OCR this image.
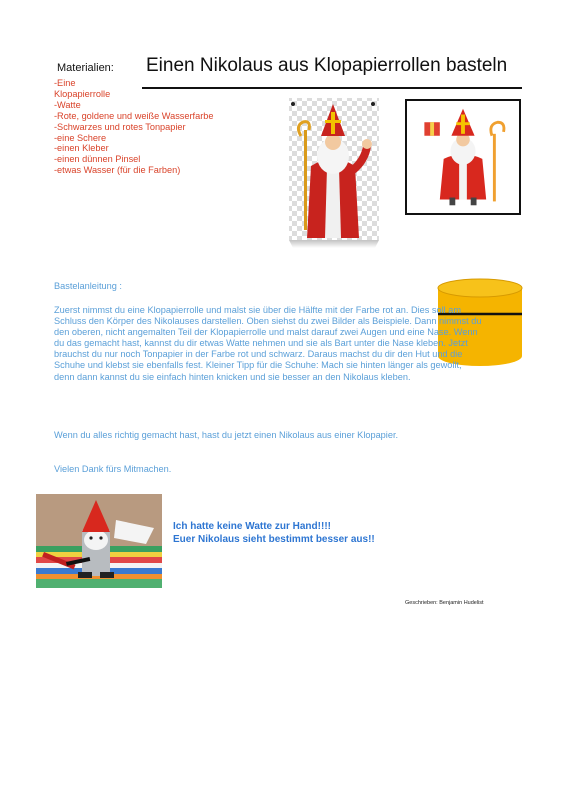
Materialien: Einen Nikolaus aus Klopapierrollen basteln
-Eine
Klopapierrolle
-Watte
-Rote, goldene und weiße Wasserfarbe
-Schwarzes und rotes Tonpapier
-eine Schere
-einen Kleber
-einen dünnen Pinsel
-etwas Wasser (für die Farben)
Bastelanleitung :

Zuerst nimmst du eine Klopapierrolle und malst sie über die Hälfte mit der Farbe rot an. Dies soll am Schluss den Körper des Nikolauses darstellen. Oben siehst du zwei Bilder als Beispiele. Dann nimmst du den oberen, nicht angemalten Teil der Klopapierrolle und malst darauf zwei Augen und eine Nase. Wenn du das gemacht hast, kannst du dir etwas Watte nehmen und sie als Bart unter die Nase kleben. Jetzt brauchst du nur noch Tonpapier in der Farbe rot und schwarz. Daraus machst du dir den Hut und die Schuhe und klebst sie ebenfalls fest. Kleiner Tipp für die Schuhe: Mach sie hinten länger als gewollt, denn dann kannst du sie einfach hinten knicken und sie besser an den Nikolaus kleben.

Wenn du alles richtig gemacht hast, hast du jetzt einen Nikolaus aus einer Klopapier.

Vielen Dank fürs Mitmachen.

Ich hatte keine Watte zur Hand!!!!
Euer Nikolaus sieht bestimmt besser aus!!
Geschrieben: Benjamin Hudelist
